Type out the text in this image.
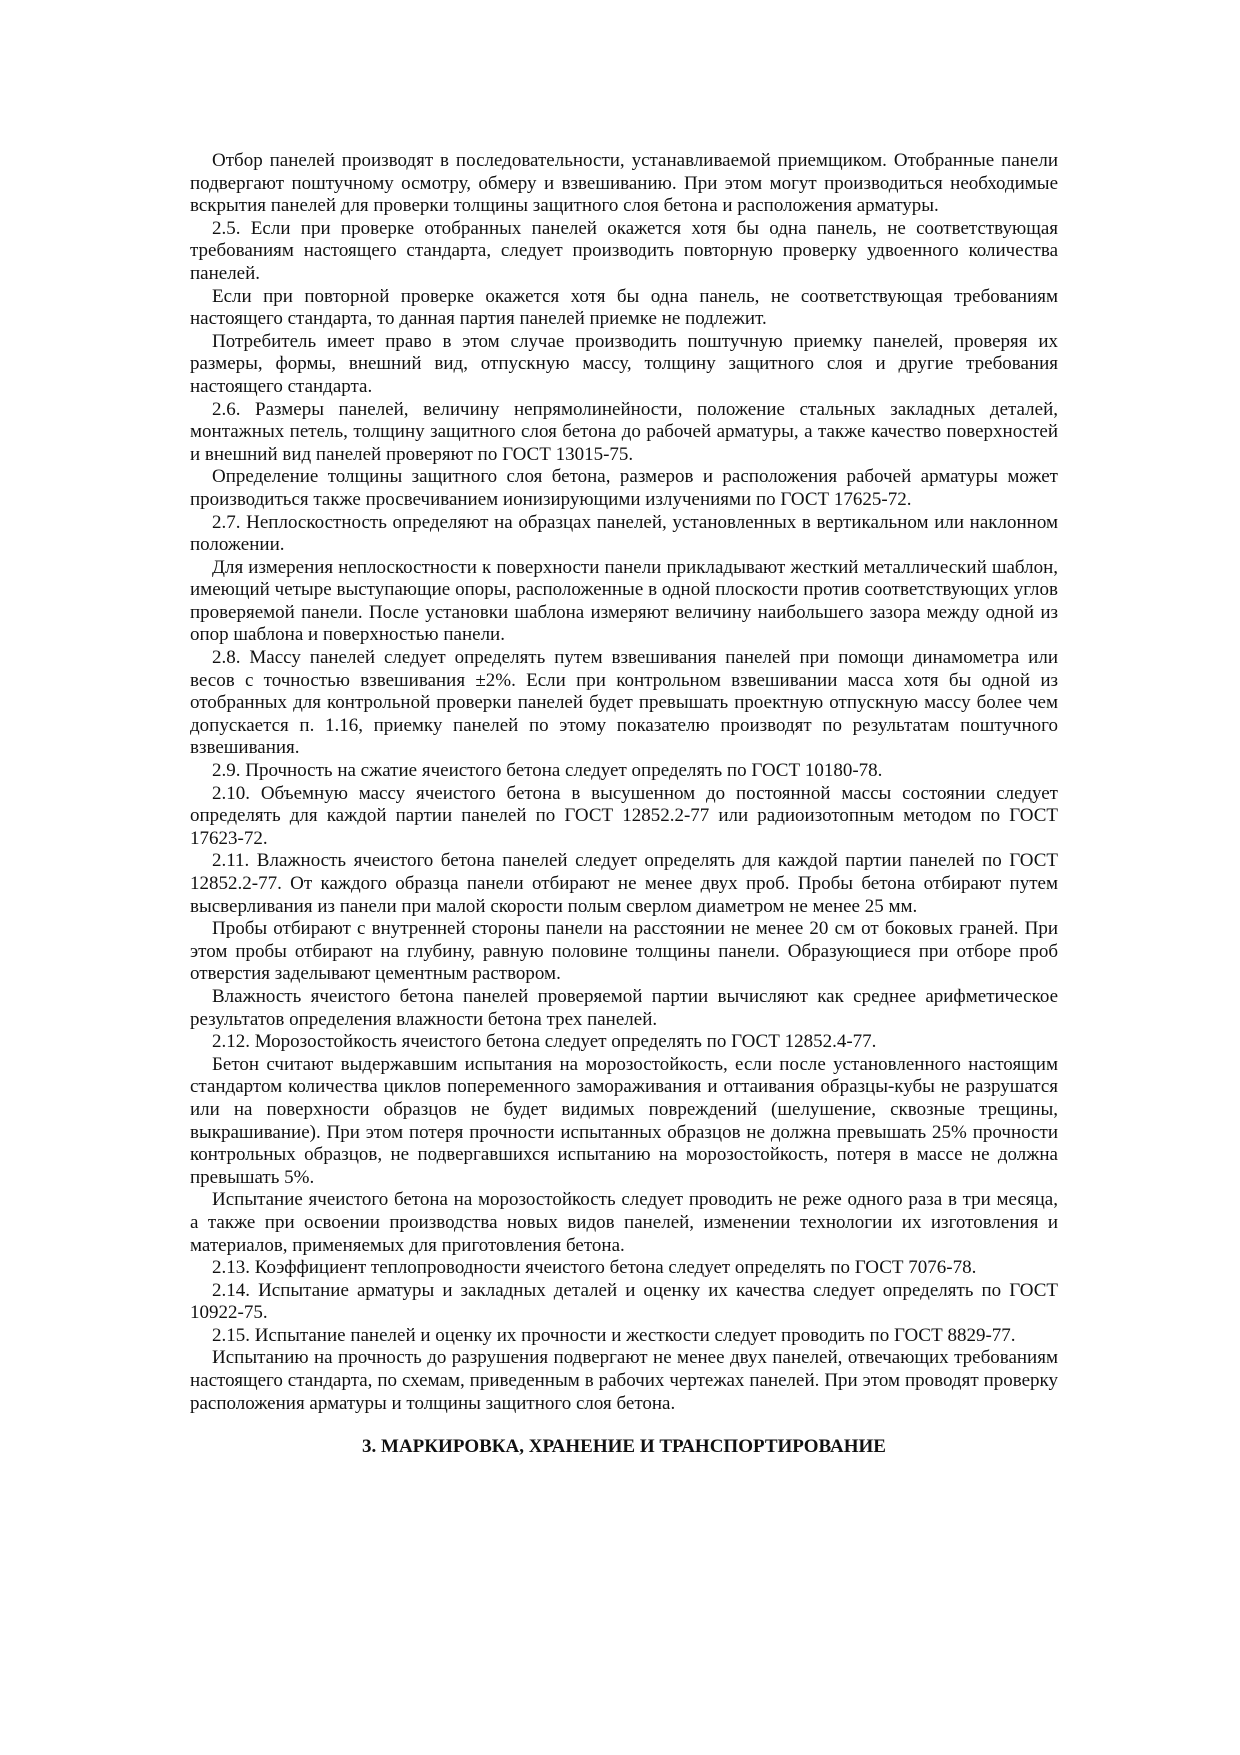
Отбор панелей производят в последовательности, устанавливаемой приемщиком. Отобранные панели подвергают поштучному осмотру, обмеру и взвешиванию. При этом могут производиться необходимые вскрытия панелей для проверки толщины защитного слоя бетона и расположения арматуры.

2.5. Если при проверке отобранных панелей окажется хотя бы одна панель, не соответствующая требованиям настоящего стандарта, следует производить повторную проверку удвоенного количества панелей.

Если при повторной проверке окажется хотя бы одна панель, не соответствующая требованиям настоящего стандарта, то данная партия панелей приемке не подлежит.

Потребитель имеет право в этом случае производить поштучную приемку панелей, проверяя их размеры, формы, внешний вид, отпускную массу, толщину защитного слоя и другие требования настоящего стандарта.

2.6. Размеры панелей, величину непрямолинейности, положение стальных закладных деталей, монтажных петель, толщину защитного слоя бетона до рабочей арматуры, а также качество поверхностей и внешний вид панелей проверяют по ГОСТ 13015-75.

Определение толщины защитного слоя бетона, размеров и расположения рабочей арматуры может производиться также просвечиванием ионизирующими излучениями по ГОСТ 17625-72.

2.7. Неплоскостность определяют на образцах панелей, установленных в вертикальном или наклонном положении.

Для измерения неплоскостности к поверхности панели прикладывают жесткий металлический шаблон, имеющий четыре выступающие опоры, расположенные в одной плоскости против соответствующих углов проверяемой панели. После установки шаблона измеряют величину наибольшего зазора между одной из опор шаблона и поверхностью панели.

2.8. Массу панелей следует определять путем взвешивания панелей при помощи динамометра или весов с точностью взвешивания ±2%. Если при контрольном взвешивании масса хотя бы одной из отобранных для контрольной проверки панелей будет превышать проектную отпускную массу более чем допускается п. 1.16, приемку панелей по этому показателю производят по результатам поштучного взвешивания.

2.9. Прочность на сжатие ячеистого бетона следует определять по ГОСТ 10180-78.

2.10. Объемную массу ячеистого бетона в высушенном до постоянной массы состоянии следует определять для каждой партии панелей по ГОСТ 12852.2-77 или радиоизотопным методом по ГОСТ 17623-72.

2.11. Влажность ячеистого бетона панелей следует определять для каждой партии панелей по ГОСТ 12852.2-77. От каждого образца панели отбирают не менее двух проб. Пробы бетона отбирают путем высверливания из панели при малой скорости полым сверлом диаметром не менее 25 мм.

Пробы отбирают с внутренней стороны панели на расстоянии не менее 20 см от боковых граней. При этом пробы отбирают на глубину, равную половине толщины панели. Образующиеся при отборе проб отверстия заделывают цементным раствором.

Влажность ячеистого бетона панелей проверяемой партии вычисляют как среднее арифметическое результатов определения влажности бетона трех панелей.

2.12. Морозостойкость ячеистого бетона следует определять по ГОСТ 12852.4-77.

Бетон считают выдержавшим испытания на морозостойкость, если после установленного настоящим стандартом количества циклов попеременного замораживания и оттаивания образцы-кубы не разрушатся или на поверхности образцов не будет видимых повреждений (шелушение, сквозные трещины, выкрашивание). При этом потеря прочности испытанных образцов не должна превышать 25% прочности контрольных образцов, не подвергавшихся испытанию на морозостойкость, потеря в массе не должна превышать 5%.

Испытание ячеистого бетона на морозостойкость следует проводить не реже одного раза в три месяца, а также при освоении производства новых видов панелей, изменении технологии их изготовления и материалов, применяемых для приготовления бетона.

2.13. Коэффициент теплопроводности ячеистого бетона следует определять по ГОСТ 7076-78.

2.14. Испытание арматуры и закладных деталей и оценку их качества следует определять по ГОСТ 10922-75.

2.15. Испытание панелей и оценку их прочности и жесткости следует проводить по ГОСТ 8829-77.

Испытанию на прочность до разрушения подвергают не менее двух панелей, отвечающих требованиям настоящего стандарта, по схемам, приведенным в рабочих чертежах панелей. При этом проводят проверку расположения арматуры и толщины защитного слоя бетона.

3. МАРКИРОВКА, ХРАНЕНИЕ И ТРАНСПОРТИРОВАНИЕ
